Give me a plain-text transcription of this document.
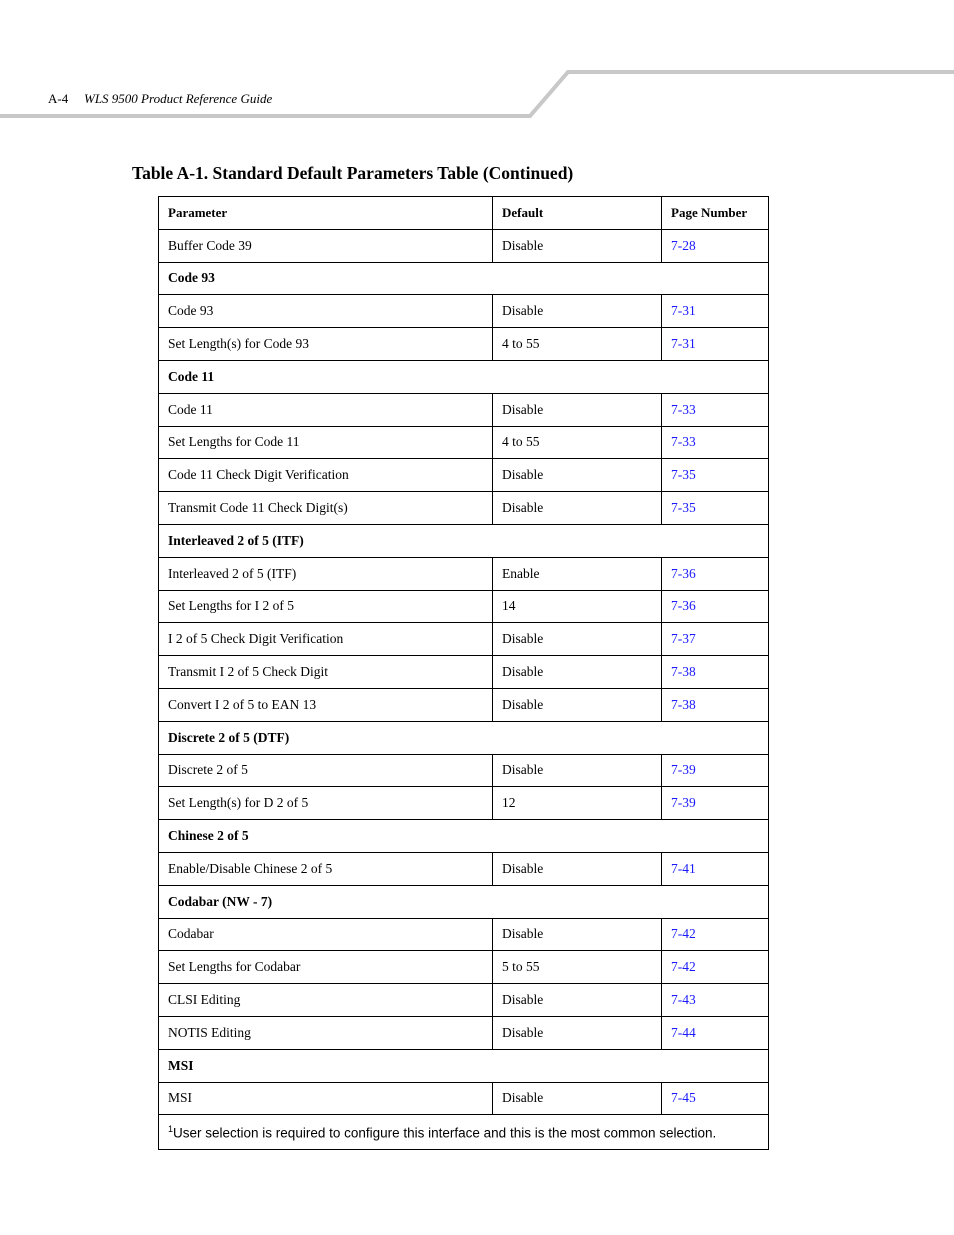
A-4 WLS 9500 Product Reference Guide
Table A-1. Standard Default Parameters Table (Continued)
Parameter	Default	Page Number
Buffer Code 39	Disable	7-28
Code 93		
Code 93	Disable	7-31
Set Length(s) for Code 93	4 to 55	7-31
Code 11		
Code 11	Disable	7-33
Set Lengths for Code 11	4 to 55	7-33
Code 11 Check Digit Verification	Disable	7-35
Transmit Code 11 Check Digit(s)	Disable	7-35
Interleaved 2 of 5 (ITF)		
Interleaved 2 of 5 (ITF)	Enable	7-36
Set Lengths for I 2 of 5	14	7-36
I 2 of 5 Check Digit Verification	Disable	7-37
Transmit I 2 of 5 Check Digit	Disable	7-38
Convert I 2 of 5 to EAN 13	Disable	7-38
Discrete 2 of 5 (DTF)		
Discrete 2 of 5	Disable	7-39
Set Length(s) for D 2 of 5	12	7-39
Chinese 2 of 5		
Enable/Disable Chinese 2 of 5	Disable	7-41
Codabar (NW - 7)		
Codabar	Disable	7-42
Set Lengths for Codabar	5 to 55	7-42
CLSI Editing	Disable	7-43
NOTIS Editing	Disable	7-44
MSI		
MSI	Disable	7-45
$^1$User selection is required to configure this interface and this is the most common selection.		
